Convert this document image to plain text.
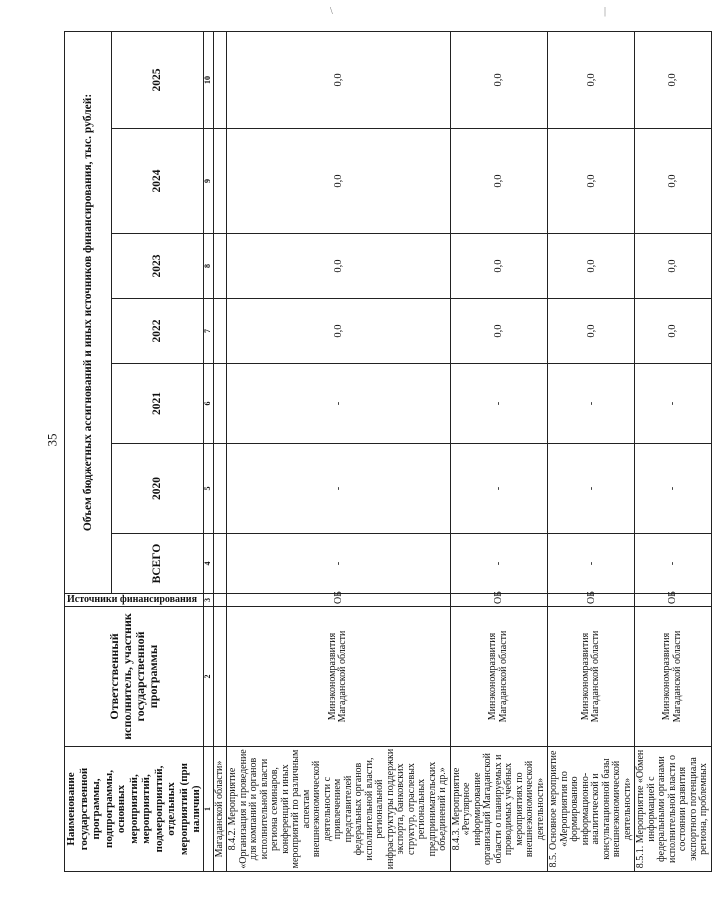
35
|
\
Наименование государственной программы, подпрограммы, основных мероприятий, мероприятий, подмероприятий, отдельных мероприятий (при наличии)	Ответственный исполнитель, участник государственной программы	Источники финансирования	Объем бюджетных ассигнований и иных источников финансирования, тыс. рублей:						
			ВСЕГО	2020	2021	2022	2023	2024	2025
1	2	3	4	5	6	7	8	9	10
Магаданской области»									
8.4.2. Мероприятие «Организация и проведение для компаний и органов исполнительной власти региона семинаров, конференций и иных мероприятий по различным аспектам внешнеэкономической деятельности с привлечением представителей федеральных органов исполнительной власти, региональной инфраструктуры поддержки экспорта, банковских структур, отраслевых региональных предпринимательских объединений и др.»	Минэкономразвития Магаданской области	ОБ	-	-	-	0,0	0,0	0,0	0,0
8.4.3. Мероприятие «Регулярное информирование организаций Магаданской области о планируемых и проводимых учебных мероприятиях по внешнеэкономической деятельности»	Минэкономразвития Магаданской области	ОБ	-	-	-	0,0	0,0	0,0	0,0
8.5. Основное мероприятие «Мероприятия по формированию информационно-аналитической и консультационной базы внешнеэкономической деятельности»	Минэкономразвития Магаданской области	ОБ	-	-	-	0,0	0,0	0,0	0,0
8.5.1. Мероприятие «Обмен информацией с федеральными органами исполнительной власти о состоянии развития экспортного потенциала региона, проблемных	Минэкономразвития Магаданской области	ОБ	-	-	-	0,0	0,0	0,0	0,0
